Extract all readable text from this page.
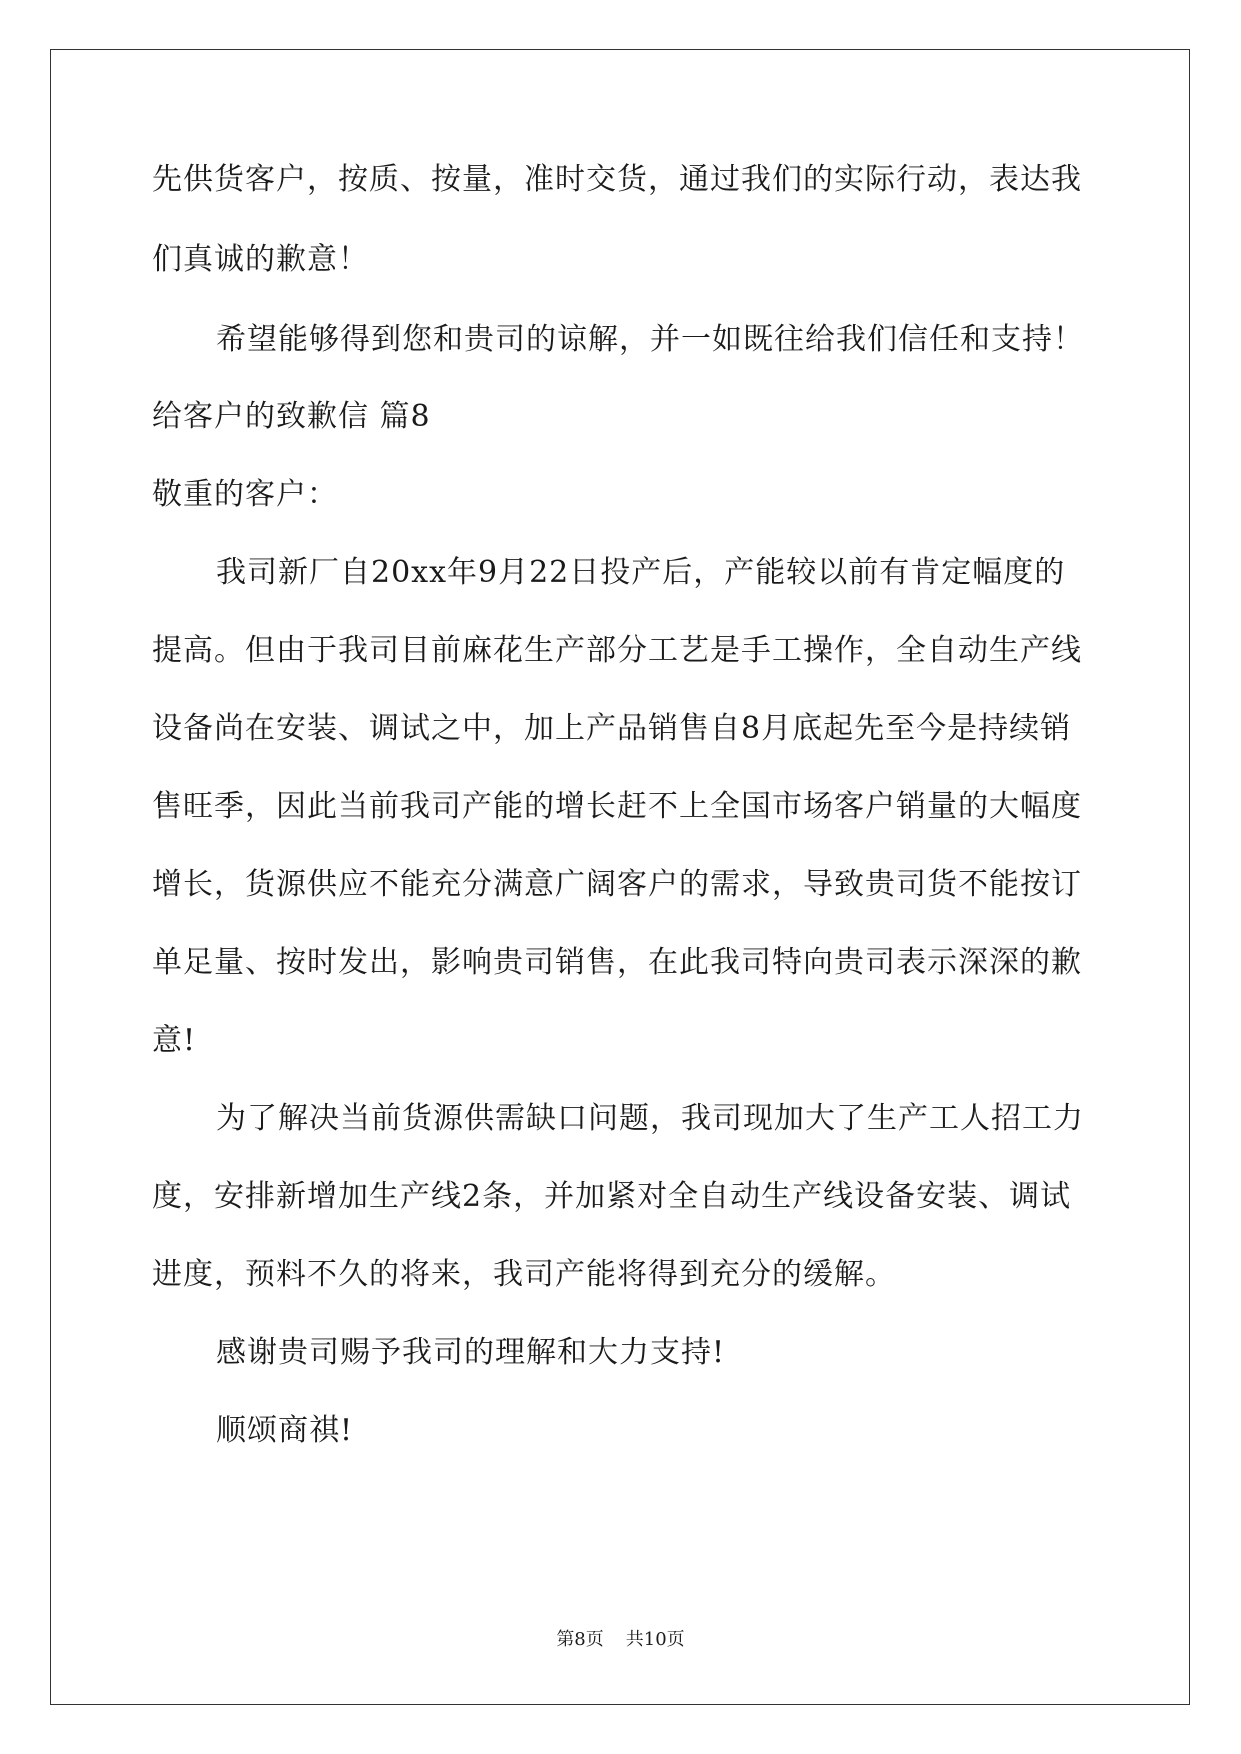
先供货客户，按质、按量，准时交货，通过我们的实际行动，表达我
们真诚的歉意！
希望能够得到您和贵司的谅解，并一如既往给我们信任和支持！
给客户的致歉信 篇8
敬重的客户：
我司新厂自20xx年9月22日投产后，产能较以前有肯定幅度的
提高。但由于我司目前麻花生产部分工艺是手工操作，全自动生产线
设备尚在安装、调试之中，加上产品销售自8月底起先至今是持续销
售旺季，因此当前我司产能的增长赶不上全国市场客户销量的大幅度
增长，货源供应不能充分满意广阔客户的需求，导致贵司货不能按订
单足量、按时发出，影响贵司销售，在此我司特向贵司表示深深的歉
意!
为了解决当前货源供需缺口问题，我司现加大了生产工人招工力
度，安排新增加生产线2条，并加紧对全自动生产线设备安装、调试
进度，预料不久的将来，我司产能将得到充分的缓解。
感谢贵司赐予我司的理解和大力支持!
顺颂商祺!
第8页 共10页
